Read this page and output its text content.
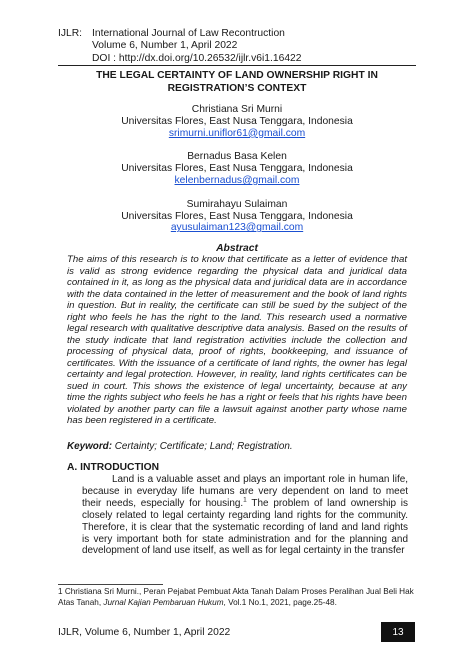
IJLR: International Journal of Law Recontruction
Volume 6, Number 1, April 2022
DOI : http://dx.doi.org/10.26532/ijlr.v6i1.16422
THE LEGAL CERTAINTY OF LAND OWNERSHIP RIGHT IN
REGISTRATION’S CONTEXT
Christiana Sri Murni
Universitas Flores, East Nusa Tenggara, Indonesia
srimurni.uniflor61@gmail.com
Bernadus Basa Kelen
Universitas Flores, East Nusa Tenggara, Indonesia
kelenbernadus@gmail.com
Sumirahayu Sulaiman
Universitas Flores, East Nusa Tenggara, Indonesia
ayusulaiman123@gmail.com
Abstract
The aims of this research is to know that certificate as a letter of evidence that is valid as strong evidence regarding the physical data and juridical data contained in it, as long as the physical data and juridical data are in accordance with the data contained in the letter of measurement and the book of land rights in question. But in reality, the certificate can still be sued by the subject of the right who feels he has the right to the land. This research used a normative legal research with qualitative descriptive data analysis. Based on the results of the study indicate that land registration activities include the collection and processing of physical data, proof of rights, bookkeeping, and issuance of certificates. With the issuance of a certificate of land rights, the owner has legal certainty and legal protection. However, in reality, land rights certificates can be sued in court. This shows the existence of legal uncertainty, because at any time the rights subject who feels he has a right or feels that his rights have been violated by another party can file a lawsuit against another party whose name has been registered in a certificate.
Keyword: Certainty; Certificate; Land; Registration.
A. INTRODUCTION
Land is a valuable asset and plays an important role in human life, because in everyday life humans are very dependent on land to meet their needs, especially for housing.$^1$ The problem of land ownership is closely related to legal certainty regarding land rights for the community. Therefore, it is clear that the systematic recording of land and land rights is very important both for state administration and for the planning and development of land use itself, as well as for legal certainty in the transfer
1 Christiana Sri Murni., Peran Pejabat Pembuat Akta Tanah Dalam Proses Peralihan Jual Beli Hak Atas Tanah, Jurnal Kajian Pembaruan Hukum, Vol.1 No.1, 2021, page.25-48.
IJLR, Volume 6, Number 1, April 2022	13
